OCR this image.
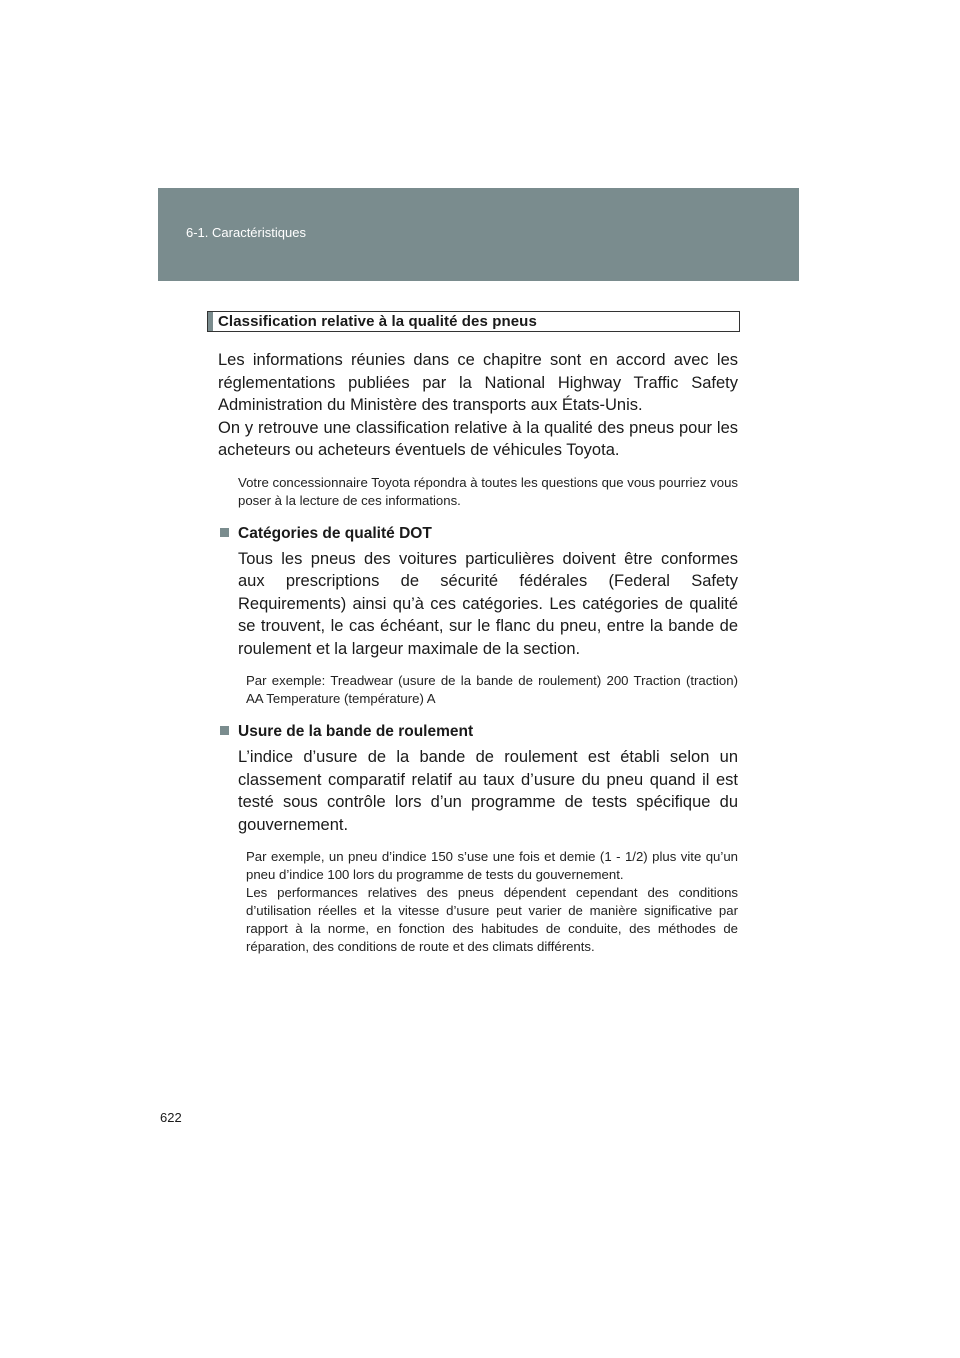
6-1. Caractéristiques
Classification relative à la qualité des pneus

Les informations réunies dans ce chapitre sont en accord avec les réglementations publiées par la National Highway Traffic Safety Administration du Ministère des transports aux États-Unis.

On y retrouve une classification relative à la qualité des pneus pour les acheteurs ou acheteurs éventuels de véhicules Toyota.

Votre concessionnaire Toyota répondra à toutes les questions que vous pourriez vous poser à la lecture de ces informations.
Catégories de qualité DOT

Tous les pneus des voitures particulières doivent être conformes aux prescriptions de sécurité fédérales (Federal Safety Requirements) ainsi qu’à ces catégories. Les catégories de qualité se trouvent, le cas échéant, sur le flanc du pneu, entre la bande de roulement et la largeur maximale de la section.

Par exemple: Treadwear (usure de la bande de roulement) 200 Traction (traction) AA Temperature (température) A
Usure de la bande de roulement

L’indice d’usure de la bande de roulement est établi selon un classement comparatif relatif au taux d’usure du pneu quand il est testé sous contrôle lors d’un programme de tests spécifique du gouvernement.

Par exemple, un pneu d’indice 150 s’use une fois et demie (1 - 1/2) plus vite qu’un pneu d’indice 100 lors du programme de tests du gouvernement.
Les performances relatives des pneus dépendent cependant des conditions d’utilisation réelles et la vitesse d’usure peut varier de manière significative par rapport à la norme, en fonction des habitudes de conduite, des méthodes de réparation, des conditions de route et des climats différents.
622
